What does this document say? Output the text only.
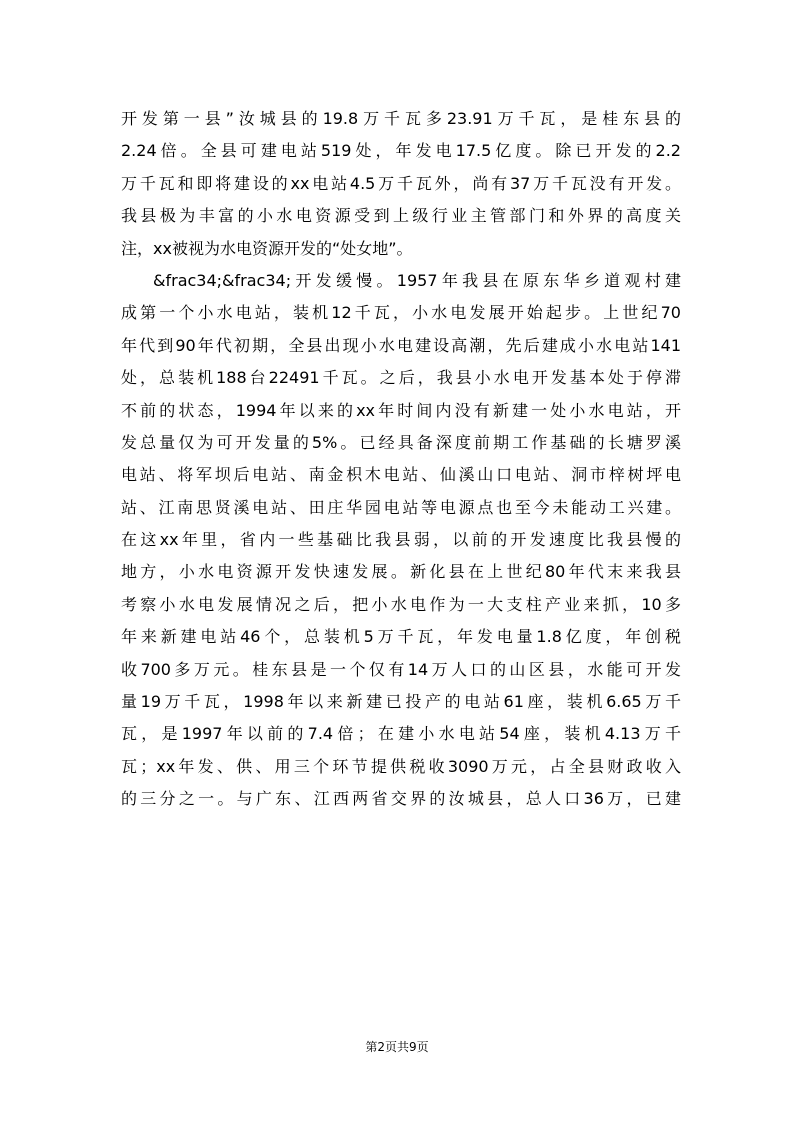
开发第一县”汝城县的19.8万千瓦多23.91万千瓦，是桂东县的
2.24倍。全县可建电站519处，年发电17.5亿度。除已开发的2.2
万千瓦和即将建设的xx电站4.5万千瓦外，尚有37万千瓦没有开发。
我县极为丰富的小水电资源受到上级行业主管部门和外界的高度关
注，xx被视为水电资源开发的“处女地”。
&frac34;&frac34;开发缓慢。1957年我县在原东华乡道观村建
成第一个小水电站，装机12千瓦，小水电发展开始起步。上世纪70
年代到90年代初期，全县出现小水电建设高潮，先后建成小水电站141
处，总装机188台22491千瓦。之后，我县小水电开发基本处于停滞
不前的状态，1994年以来的xx年时间内没有新建一处小水电站，开
发总量仅为可开发量的5%。已经具备深度前期工作基础的长塘罗溪
电站、将军坝后电站、南金枳木电站、仙溪山口电站、洞市梓树坪电
站、江南思贤溪电站、田庄华园电站等电源点也至今未能动工兴建。
在这xx年里，省内一些基础比我县弱，以前的开发速度比我县慢的
地方，小水电资源开发快速发展。新化县在上世纪80年代末来我县
考察小水电发展情况之后，把小水电作为一大支柱产业来抓，10多
年来新建电站46个，总装机5万千瓦，年发电量1.8亿度，年创税
收700多万元。桂东县是一个仅有14万人口的山区县，水能可开发
量19万千瓦，1998年以来新建已投产的电站61座，装机6.65万千
瓦，是1997年以前的7.4倍；在建小水电站54座，装机4.13万千
瓦；xx年发、供、用三个环节提供税收3090万元，占全县财政收入
的三分之一。与广东、江西两省交界的汝城县，总人口36万，已建
第2页共9页
